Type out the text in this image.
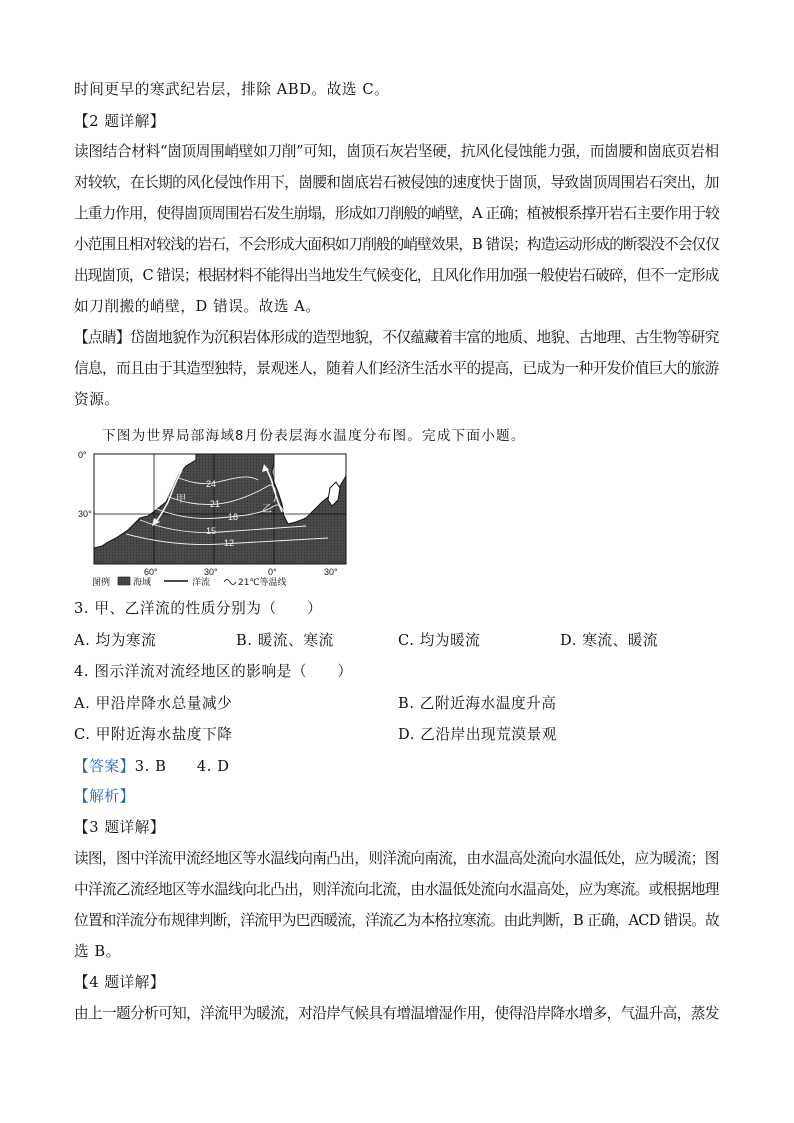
时间更早的寒武纪岩层，排除 ABD。故选 C。
【2 题详解】
读图结合材料“崮顶周围峭壁如刀削”可知，崮顶石灰岩坚硬，抗风化侵蚀能力强，而崮腰和崮底页岩相
对较软，在长期的风化侵蚀作用下，崮腰和崮底岩石被侵蚀的速度快于崮顶，导致崮顶周围岩石突出，加
上重力作用，使得崮顶周围岩石发生崩塌，形成如刀削般的峭壁，A 正确；植被根系撑开岩石主要作用于较
小范围且相对较浅的岩石，不会形成大面积如刀削般的峭壁效果，B 错误；构造运动形成的断裂没不会仅仅
出现崮顶，C 错误；根据材料不能得出当地发生气候变化，且风化作用加强一般使岩石破碎，但不一定形成
如刀削搬的峭壁，D 错误。故选 A。
【点睛】岱崮地貌作为沉积岩体形成的造型地貌，不仅蕴藏着丰富的地质、地貌、古地理、古生物等研究
信息，而且由于其造型独特，景观迷人，随着人们经济生活水平的提高，已成为一种开发价值巨大的旅游
资源。
下图为世界局部海域8月份表层海水温度分布图。完成下面小题。
24
21
18
15
12
甲
乙
0°
30°
60°	30°	0°	30°
图例	海域	洋流	21℃等温线
3. 甲、乙洋流的性质分别为（　　）
A. 均为寒流	B. 暖流、寒流	C. 均为暖流	D. 寒流、暖流
4. 图示洋流对流经地区的影响是（　　）
A. 甲沿岸降水总量减少	B. 乙附近海水温度升高
C. 甲附近海水盐度下降	D. 乙沿岸出现荒漠景观
【答案】3. B　　4. D
【解析】
【3 题详解】
读图，图中洋流甲流经地区等水温线向南凸出，则洋流向南流，由水温高处流向水温低处，应为暖流；图
中洋流乙流经地区等水温线向北凸出，则洋流向北流，由水温低处流向水温高处，应为寒流。或根据地理
位置和洋流分布规律判断，洋流甲为巴西暖流，洋流乙为本格拉寒流。由此判断，B 正确，ACD 错误。故
选 B。
【4 题详解】
由上一题分析可知，洋流甲为暖流，对沿岸气候具有增温增湿作用，使得沿岸降水增多，气温升高，蒸发
